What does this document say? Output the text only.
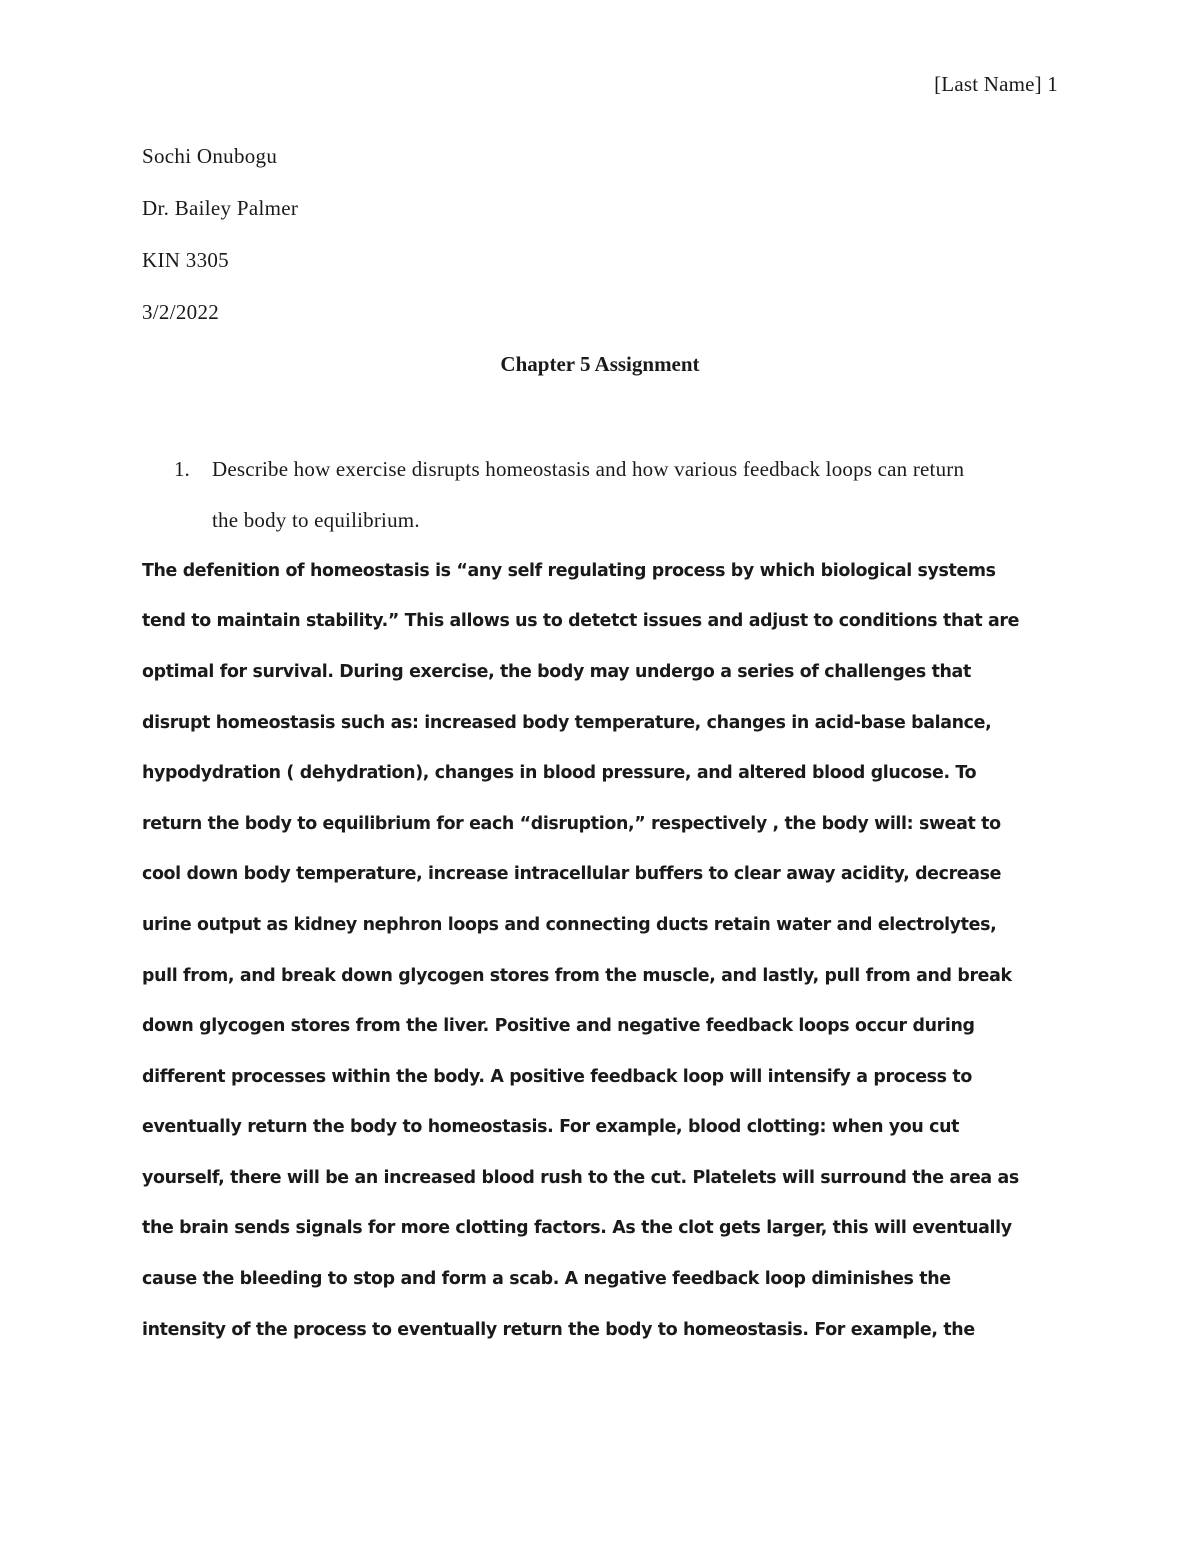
[Last Name] 1
Sochi Onubogu
Dr. Bailey Palmer
KIN 3305
3/2/2022
Chapter 5 Assignment
1. Describe how exercise disrupts homeostasis and how various feedback loops can return
the body to equilibrium.
The defenition of homeostasis is “any self regulating process by which biological systems
tend to maintain stability.” This allows us to detetct issues and adjust to conditions that are
optimal for survival. During exercise, the body may undergo a series of challenges that
disrupt homeostasis such as: increased body temperature, changes in acid-base balance,
hypodydration ( dehydration), changes in blood pressure, and altered blood glucose. To
return the body to equilibrium for each “disruption,” respectively , the body will: sweat to
cool down body temperature, increase intracellular buffers to clear away acidity, decrease
urine output as kidney nephron loops and connecting ducts retain water and electrolytes,
pull from, and break down glycogen stores from the muscle, and lastly, pull from and break
down glycogen stores from the liver. Positive and negative feedback loops occur during
different processes within the body. A positive feedback loop will intensify a process to
eventually return the body to homeostasis. For example, blood clotting: when you cut
yourself, there will be an increased blood rush to the cut. Platelets will surround the area as
the brain sends signals for more clotting factors. As the clot gets larger, this will eventually
cause the bleeding to stop and form a scab. A negative feedback loop diminishes the
intensity of the process to eventually return the body to homeostasis. For example, the
